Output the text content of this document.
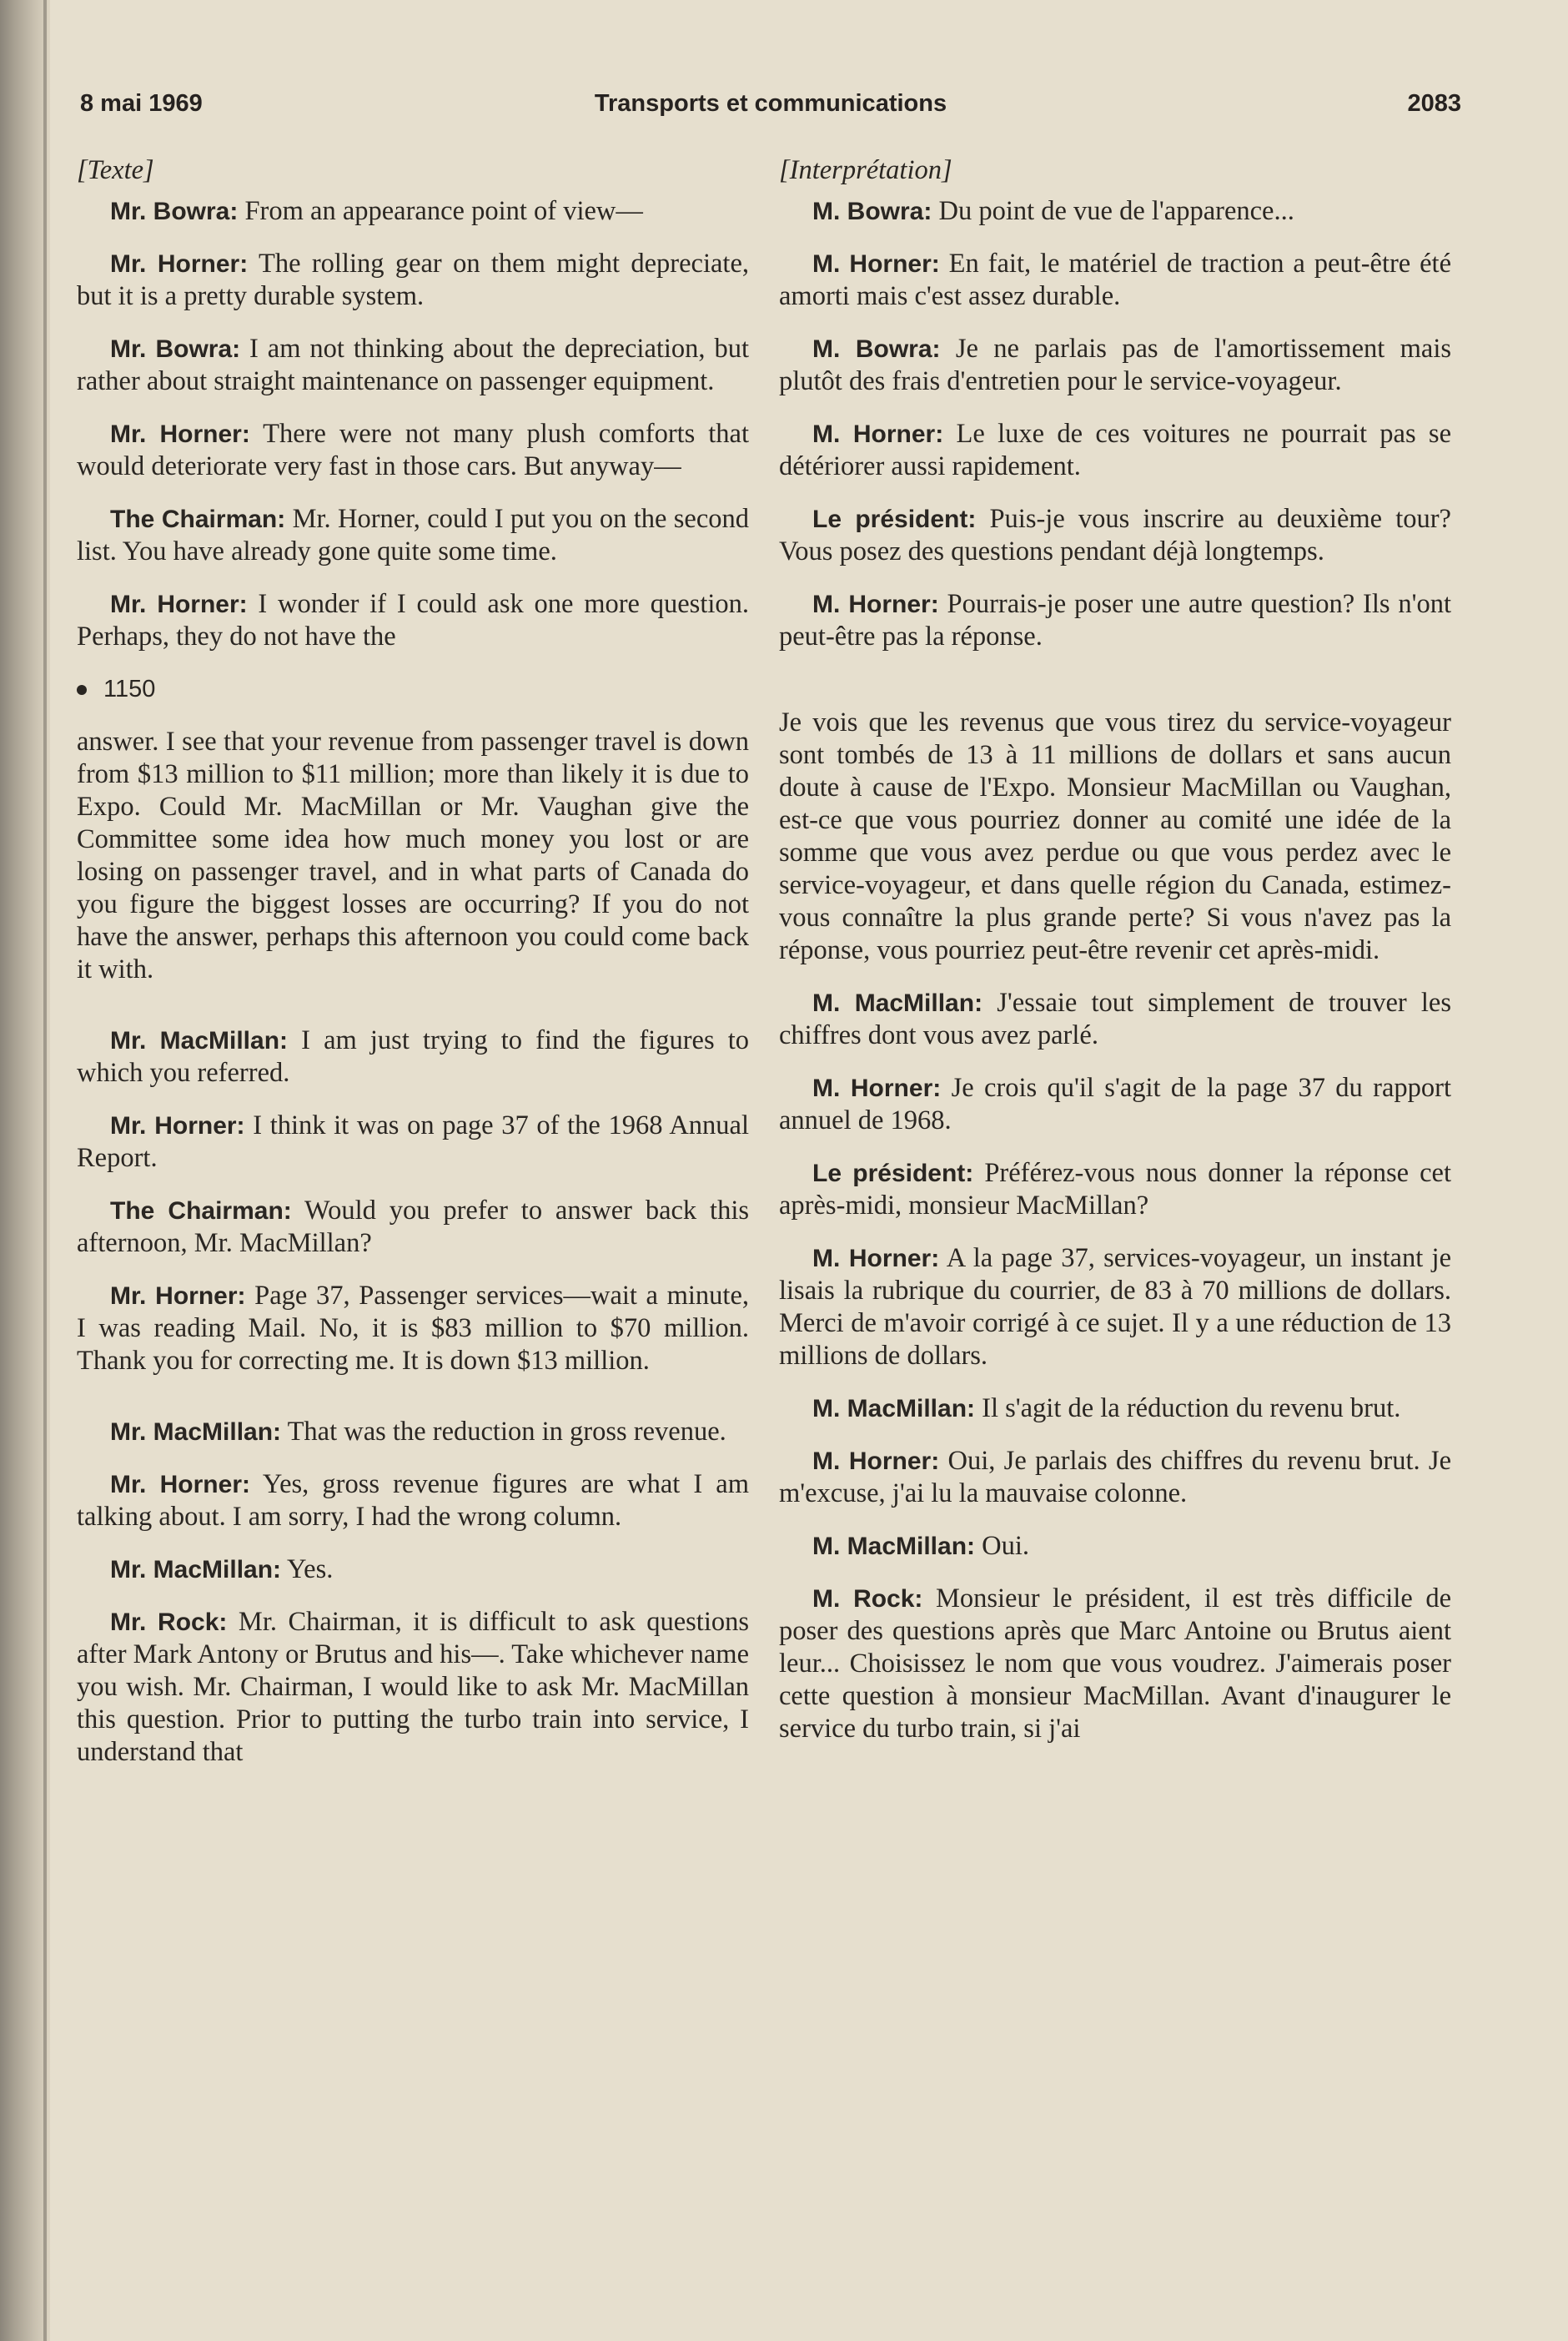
8 mai 1969	Transports et communications	2083
[Texte]

Mr. Bowra: From an appearance point of view—

Mr. Horner: The rolling gear on them might depreciate, but it is a pretty durable system.

Mr. Bowra: I am not thinking about the depreciation, but rather about straight maintenance on passenger equipment.

Mr. Horner: There were not many plush comforts that would deteriorate very fast in those cars. But anyway—

The Chairman: Mr. Horner, could I put you on the second list. You have already gone quite some time.

Mr. Horner: I wonder if I could ask one more question. Perhaps, they do not have the

1150

answer. I see that your revenue from passenger travel is down from $13 million to $11 million; more than likely it is due to Expo. Could Mr. MacMillan or Mr. Vaughan give the Committee some idea how much money you lost or are losing on passenger travel, and in what parts of Canada do you figure the biggest losses are occurring? If you do not have the answer, perhaps this afternoon you could come back it with.

Mr. MacMillan: I am just trying to find the figures to which you referred.

Mr. Horner: I think it was on page 37 of the 1968 Annual Report.

The Chairman: Would you prefer to answer back this afternoon, Mr. MacMillan?

Mr. Horner: Page 37, Passenger services—wait a minute, I was reading Mail. No, it is $83 million to $70 million. Thank you for correcting me. It is down $13 million.

Mr. MacMillan: That was the reduction in gross revenue.

Mr. Horner: Yes, gross revenue figures are what I am talking about. I am sorry, I had the wrong column.

Mr. MacMillan: Yes.

Mr. Rock: Mr. Chairman, it is difficult to ask questions after Mark Antony or Brutus and his—. Take whichever name you wish. Mr. Chairman, I would like to ask Mr. MacMillan this question. Prior to putting the turbo train into service, I understand that

[Interprétation]

M. Bowra: Du point de vue de l'apparence...

M. Horner: En fait, le matériel de traction a peut-être été amorti mais c'est assez durable.

M. Bowra: Je ne parlais pas de l'amortissement mais plutôt des frais d'entretien pour le service-voyageur.

M. Horner: Le luxe de ces voitures ne pourrait pas se détériorer aussi rapidement.

Le président: Puis-je vous inscrire au deuxième tour? Vous posez des questions pendant déjà longtemps.

M. Horner: Pourrais-je poser une autre question? Ils n'ont peut-être pas la réponse.

Je vois que les revenus que vous tirez du service-voyageur sont tombés de 13 à 11 millions de dollars et sans aucun doute à cause de l'Expo. Monsieur MacMillan ou Vaughan, est-ce que vous pourriez donner au comité une idée de la somme que vous avez perdue ou que vous perdez avec le service-voyageur, et dans quelle région du Canada, estimez-vous connaître la plus grande perte? Si vous n'avez pas la réponse, vous pourriez peut-être revenir cet après-midi.

M. MacMillan: J'essaie tout simplement de trouver les chiffres dont vous avez parlé.

M. Horner: Je crois qu'il s'agit de la page 37 du rapport annuel de 1968.

Le président: Préférez-vous nous donner la réponse cet après-midi, monsieur MacMillan?

M. Horner: A la page 37, services-voyageur, un instant je lisais la rubrique du courrier, de 83 à 70 millions de dollars. Merci de m'avoir corrigé à ce sujet. Il y a une réduction de 13 millions de dollars.

M. MacMillan: Il s'agit de la réduction du revenu brut.

M. Horner: Oui, Je parlais des chiffres du revenu brut. Je m'excuse, j'ai lu la mauvaise colonne.

M. MacMillan: Oui.

M. Rock: Monsieur le président, il est très difficile de poser des questions après que Marc Antoine ou Brutus aient leur... Choisissez le nom que vous voudrez. J'aimerais poser cette question à monsieur MacMillan. Avant d'inaugurer le service du turbo train, si j'ai
